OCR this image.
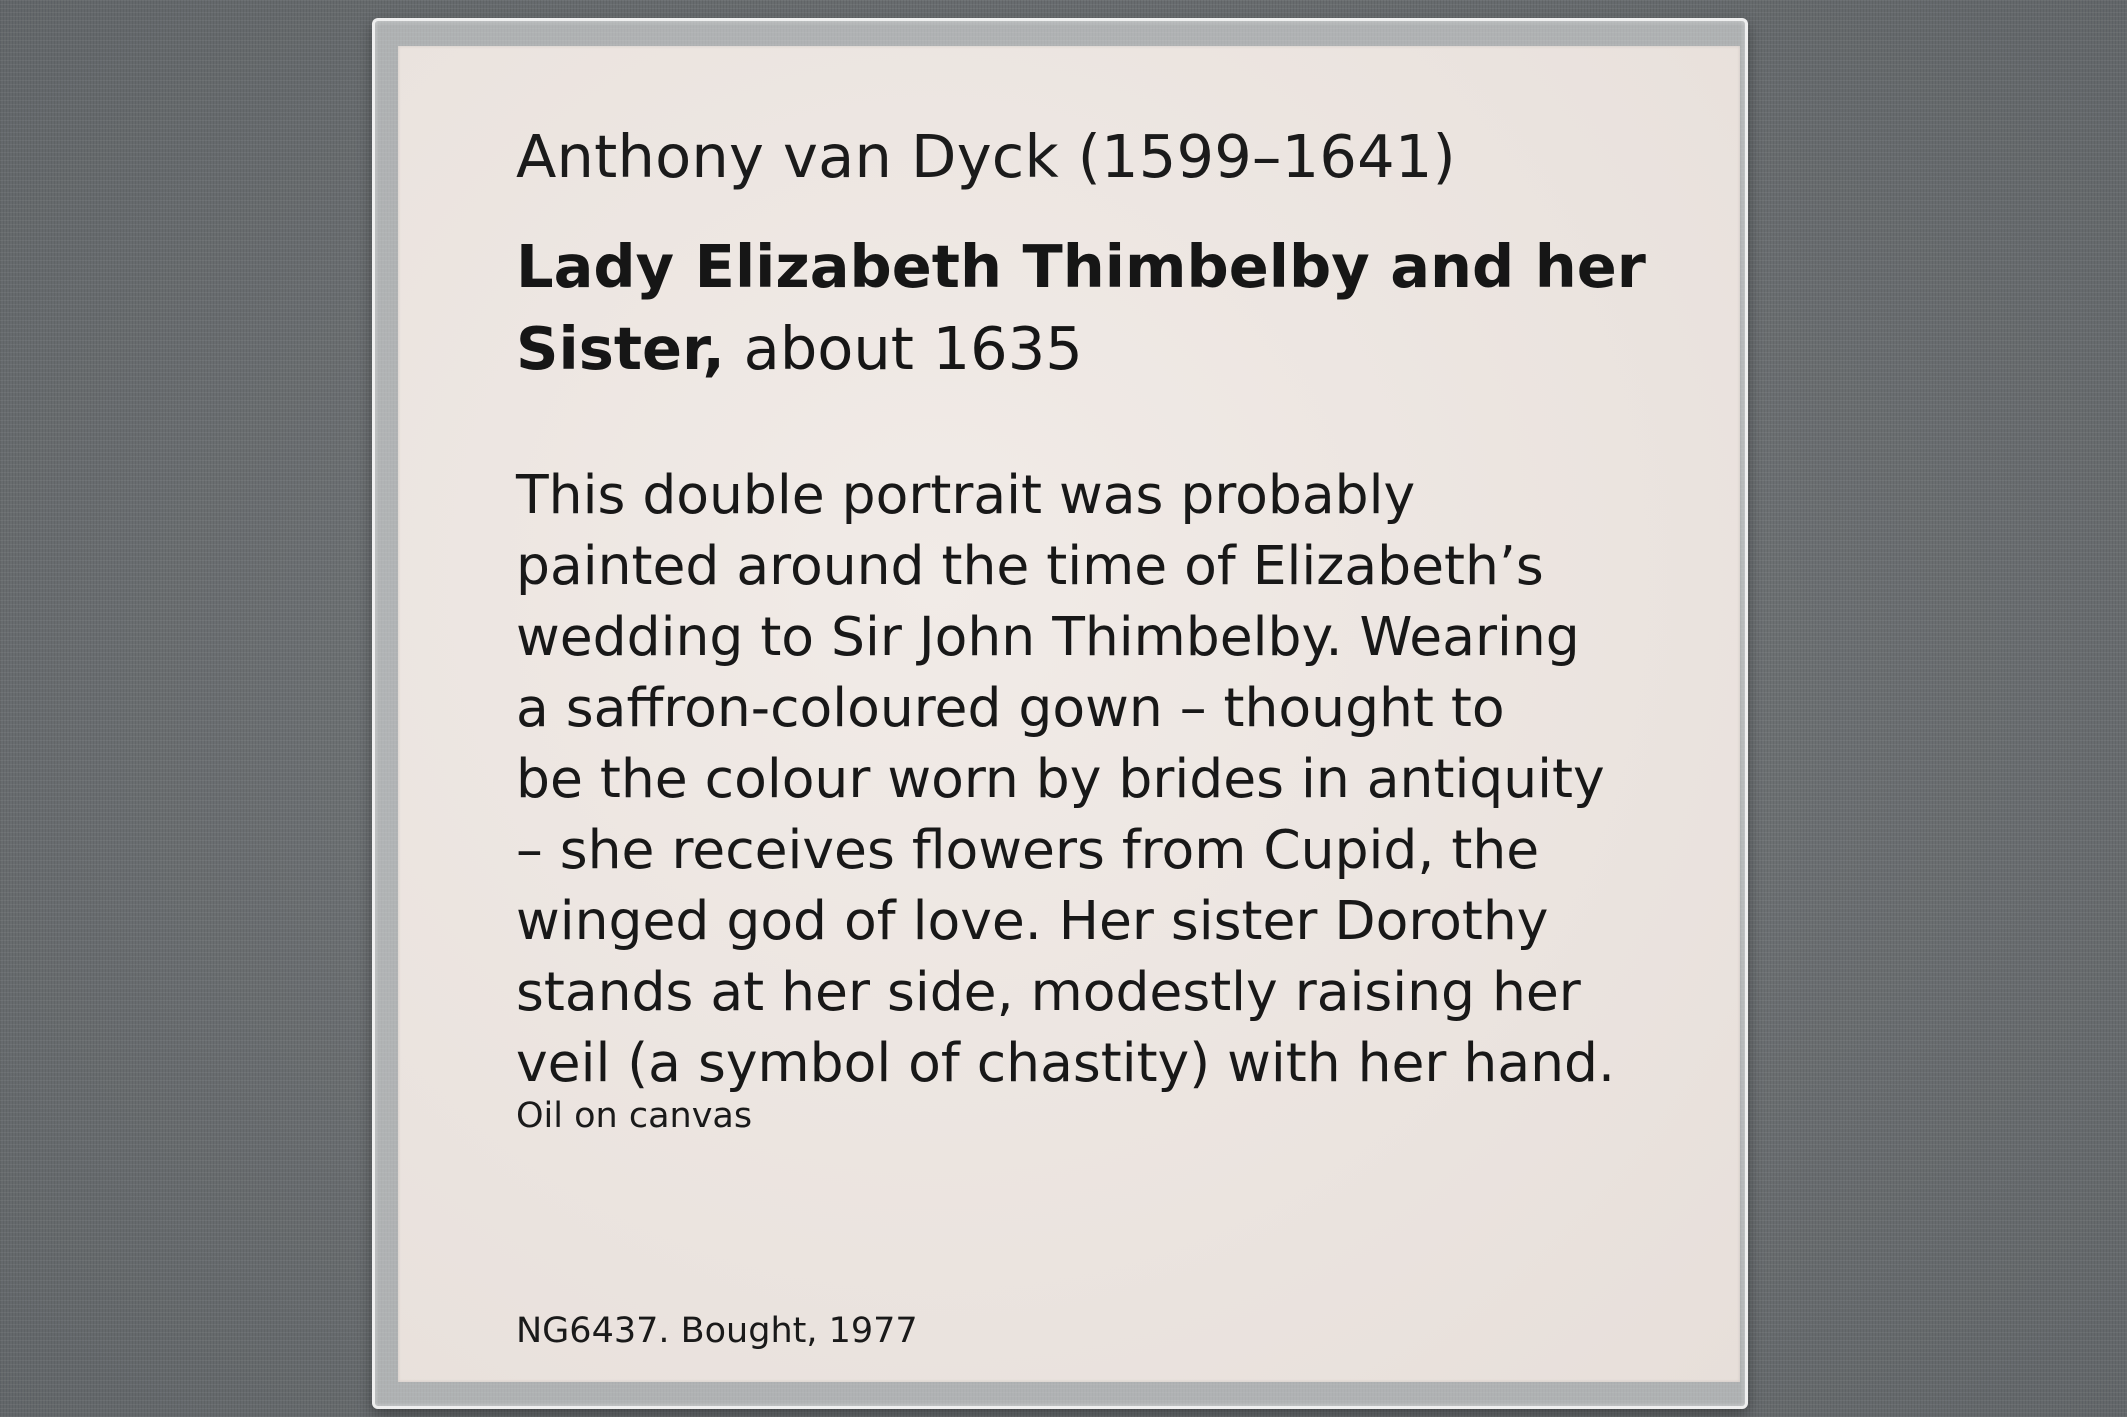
Anthony van Dyck (1599–1641)

Lady Elizabeth Thimbelby and her
Sister, about 1635

This double portrait was probably
painted around the time of Elizabeth’s
wedding to Sir John Thimbelby. Wearing
a saffron-coloured gown – thought to
be the colour worn by brides in antiquity
– she receives flowers from Cupid, the
winged god of love. Her sister Dorothy
stands at her side, modestly raising her
veil (a symbol of chastity) with her hand.

Oil on canvas

NG6437. Bought, 1977
